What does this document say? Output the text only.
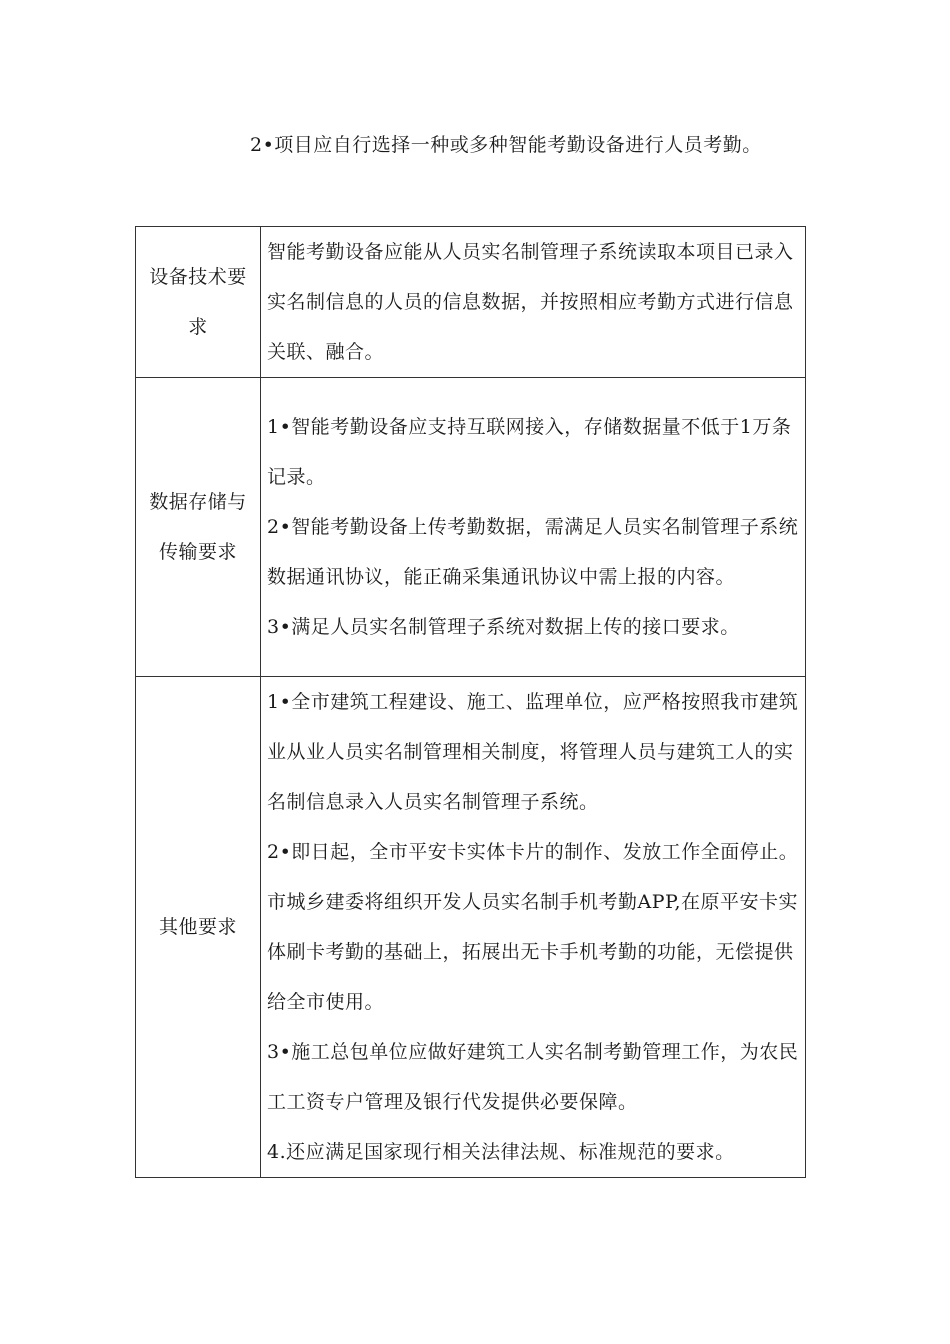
2•项目应自行选择一种或多种智能考勤设备进行人员考勤。
设备技术要求	智能考勤设备应能从人员实名制管理子系统读取本项目已录入实名制信息的人员的信息数据，并按照相应考勤方式进行信息关联、融合。

数据存储与传输要求	1•智能考勤设备应支持互联网接入，存储数据量不低于1万条记录。
2•智能考勤设备上传考勤数据，需满足人员实名制管理子系统数据通讯协议，能正确采集通讯协议中需上报的内容。
3•满足人员实名制管理子系统对数据上传的接口要求。

其他要求	1•全市建筑工程建设、施工、监理单位，应严格按照我市建筑业从业人员实名制管理相关制度，将管理人员与建筑工人的实名制信息录入人员实名制管理子系统。
2•即日起，全市平安卡实体卡片的制作、发放工作全面停止。市城乡建委将组织开发人员实名制手机考勤APP,在原平安卡实体刷卡考勤的基础上，拓展出无卡手机考勤的功能，无偿提供给全市使用。
3•施工总包单位应做好建筑工人实名制考勤管理工作，为农民工工资专户管理及银行代发提供必要保障。
4.还应满足国家现行相关法律法规、标准规范的要求。
